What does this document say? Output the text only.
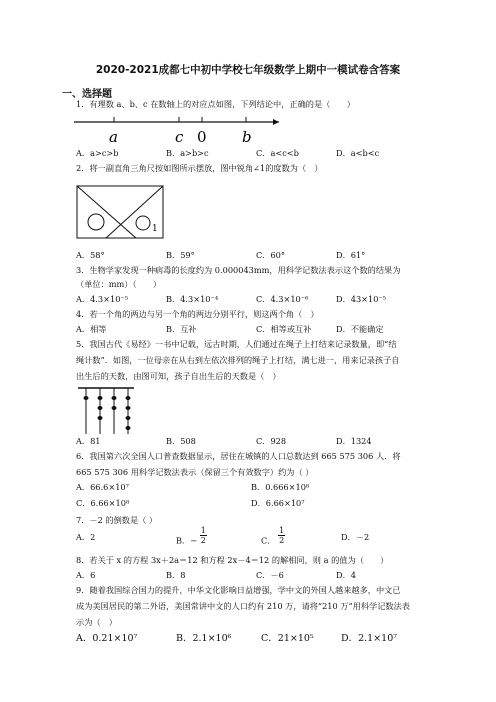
2020-2021成都七中初中学校七年级数学上期中一模试卷含答案
一、选择题
1．有理数 a、b、c 在数轴上的对应点如图，下列结论中，正确的是（　　）
a	c 0 b
A．a>c>b	B．a>b>c	C．a<c<b	D．a<b<c
2．将一副直角三角尺按如图所示摆放，图中锐角∠1的度数为（　）
1
A．58°	B．59°	C．60°	D．61°
3．生物学家发现一种病毒的长度约为 0.000043mm，用科学记数法表示这个数的结果为
（单位：mm）（　　）
A．4.3×10⁻⁵	B．4.3×10⁻⁴	C．4.3×10⁻⁶	D．43×10⁻⁵
4．若一个角的两边与另一个角的两边分别平行，则这两个角（　）
A．相等	B．互补	C．相等或互补	D．不能确定
5．我国古代《易经》一书中记载，远古时期，人们通过在绳子上打结来记录数量，即“结
绳计数”．如图，一位母亲在从右到左依次排列的绳子上打结，满七进一，用来记录孩子自
出生后的天数，由图可知，孩子自出生后的天数是（　）
A．81	B．508	C．928	D．1324
6．我国第六次全国人口普查数据显示，居住在城镇的人口总数达到 665 575 306 人．将
665 575 306 用科学记数法表示（保留三个有效数字）约为（ ）
A．66.6×10⁷	B．0.666×10⁸
C．6.66×10⁸	D．6.66×10⁷
7．－2 的倒数是（ ）
A．2	B．− $\frac{1}{2}$	C． $\frac{1}{2}$	D．－2
8．若关于 x 的方程 3x＋2a＝12 和方程 2x－4＝12 的解相同，则 a 的值为（　　）
A．6	B．8	C．－6	D．4
9．随着我国综合国力的提升，中华文化影响日益增强，学中文的外国人越来越多，中文已
成为美国居民的第二外语，美国常讲中文的人口约有 210 万，请将“210 万”用科学记数法表
示为（　）
A．0.21×10⁷	B．2.1×10⁶	C．21×10⁵	D．2.1×10⁷
